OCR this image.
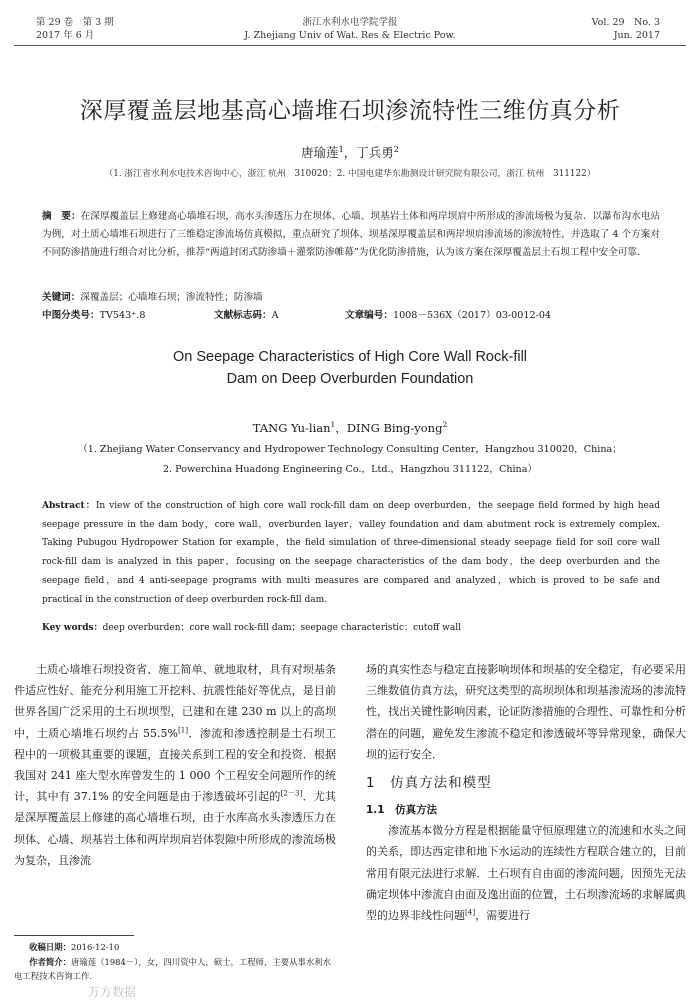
第 29 卷　第 3 期
2017 年 6 月
浙江水利水电学院学报
J. Zhejiang Univ of Wat. Res & Electric Pow.
Vol. 29　No. 3
Jun. 2017
深厚覆盖层地基高心墙堆石坝渗流特性三维仿真分析
唐瑜莲$^1$，丁兵勇$^2$
（1. 浙江省水利水电技术咨询中心，浙江 杭州　310020；2. 中国电建华东勘测设计研究院有限公司，浙江 杭州　311122）
摘　要：在深厚覆盖层上修建高心墙堆石坝，高水头渗透压力在坝体、心墙、坝基岩土体和两岸坝肩中所形成的渗流场极为复杂．以瀑布沟水电站为例，对土质心墙堆石坝进行了三维稳定渗流场仿真模拟，重点研究了坝体、坝基深厚覆盖层和两岸坝肩渗流场的渗流特性，并选取了 4 个方案对不同防渗措施进行组合对比分析，推荐“两道封闭式防渗墙＋灌浆防渗帷幕”为优化防渗措施，认为该方案在深厚覆盖层土石坝工程中安全可靠．
关键词：深覆盖层；心墙堆石坝；渗流特性；防渗墙
中图分类号：TV543⁺.8	文献标志码：A	文章编号：1008－536X（2017）03-0012-04
On Seepage Characteristics of High Core Wall Rock-fill
Dam on Deep Overburden Foundation
TANG Yu-lian$^1$，DING Bing-yong$^2$
（1. Zhejiang Water Conservancy and Hydropower Technology Consulting Center，Hangzhou 310020，China；
2. Powerchina Huadong Engineering Co.，Ltd.，Hangzhou 311122，China）
Abstract：In view of the construction of high core wall rock-fill dam on deep overburden，the seepage field formed by high head seepage pressure in the dam body，core wall，overburden layer，valley foundation and dam abutment rock is extremely complex. Taking Pubugou Hydropower Station for example，the field simulation of three-dimensional steady seepage field for soil core wall rock-fill dam is analyzed in this paper，focusing on the seepage characteristics of the dam body，the deep overburden and the seepage field，and 4 anti-seepage programs with multi measures are compared and analyzed，which is proved to be safe and practical in the construction of deep overburden rock-fill dam.
Key words：deep overburden；core wall rock-fill dam；seepage characteristic；cutoff wall

土质心墙堆石坝投资省、施工简单、就地取材，具有对坝基条件适应性好、能充分利用施工开挖料、抗震性能好等优点，是目前世界各国广泛采用的土石坝坝型，已建和在建 230 m 以上的高坝中，土质心墙堆石坝约占 55.5%[1]．渗流和渗透控制是土石坝工程中的一项极其重要的课题，直接关系到工程的安全和投资．根据我国对 241 座大型水库曾发生的 1 000 个工程安全问题所作的统计，其中有 37.1% 的安全问题是由于渗透破坏引起的[2－3]．尤其是深厚覆盖层上修建的高心墙堆石坝，由于水库高水头渗透压力在坝体、心墙、坝基岩土体和两岸坝肩岩体裂隙中所形成的渗流场极为复杂，且渗流

场的真实性态与稳定直接影响坝体和坝基的安全稳定，有必要采用三维数值仿真方法，研究这类型的高坝坝体和坝基渗流场的渗流特性，找出关键性影响因素，论证防渗措施的合理性、可靠性和分析潜在的问题，避免发生渗流不稳定和渗透破坏等异常现象，确保大坝的运行安全．

1　 仿真方法和模型
1.1　 仿真方法

渗流基本微分方程是根据能量守恒原理建立的流速和水头之间的关系，即达西定律和地下水运动的连续性方程联合建立的，目前常用有限元法进行求解．土石坝有自由面的渗流问题，因预先无法确定坝体中渗流自由面及逸出面的位置，土石坝渗流场的求解属典型的边界非线性问题[4]，需要进行

收稿日期：2016-12-10

作者简介：唐瑜莲（1984－），女，四川资中人，硕士，工程师，主要从事水利水电工程技术咨询工作.

万方数据
